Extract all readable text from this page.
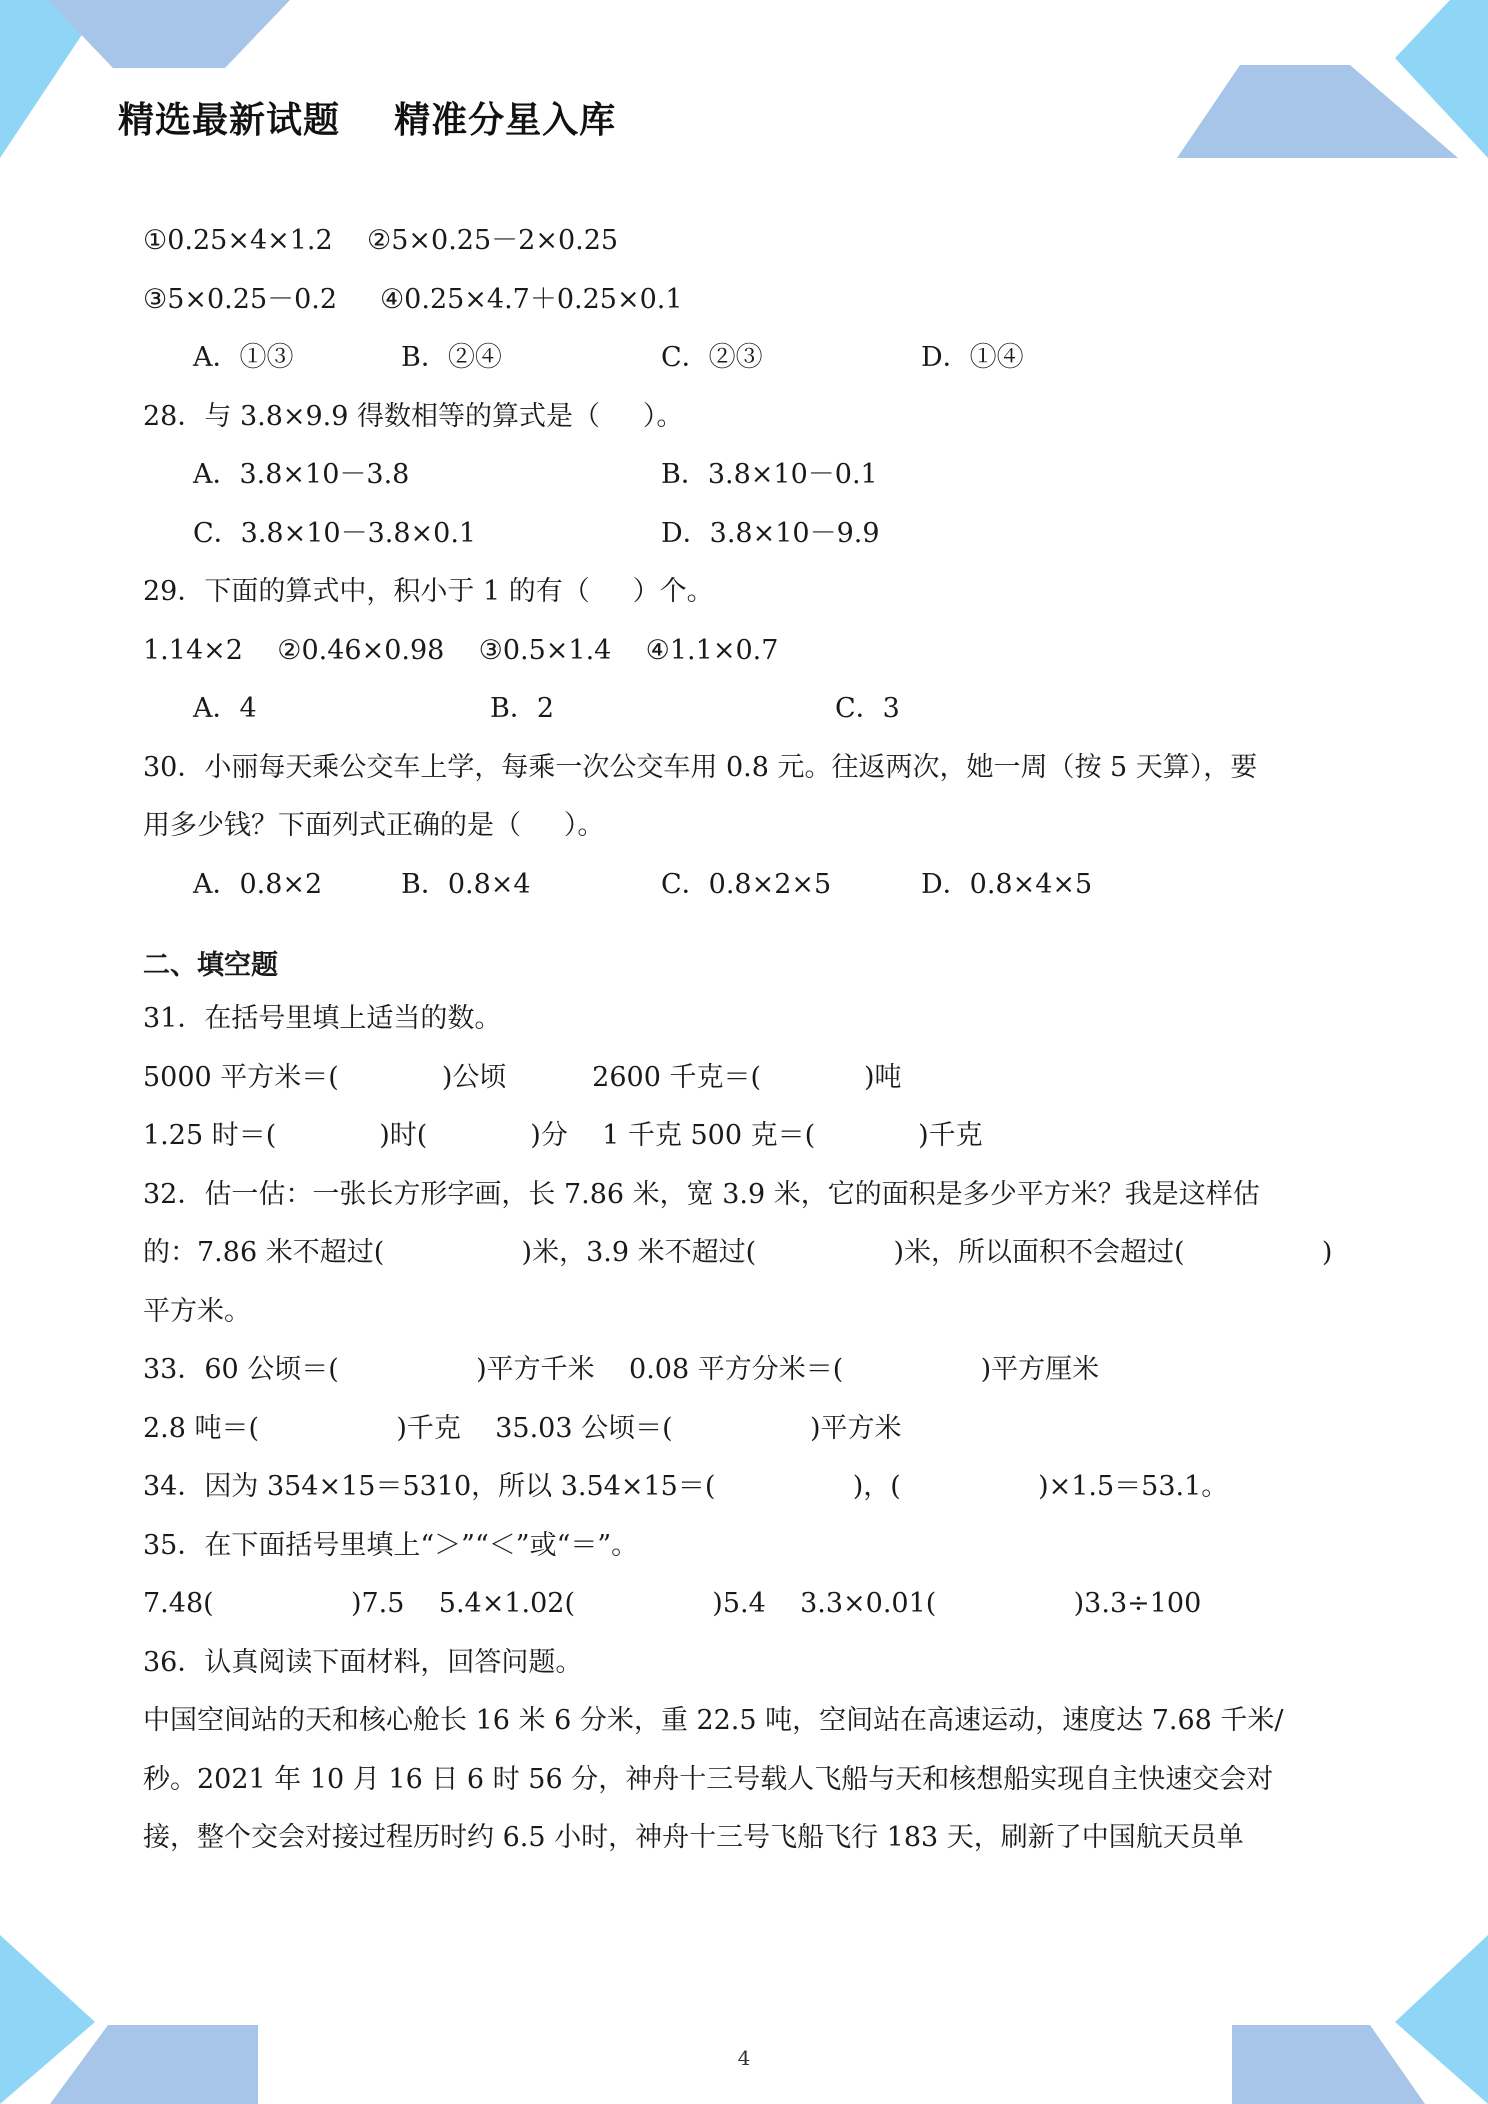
精选最新试题    精准分星入库
①0.25×4×1.2    ②5×0.25－2×0.25
③5×0.25－0.2     ④0.25×4.7＋0.25×0.1

A．①③

	B．②④

	C．②③

	D．①④

28．与 3.8×9.9 得数相等的算式是（     ）。

A．3.8×10－3.8

	B．3.8×10－0.1

C．3.8×10－3.8×0.1

	D．3.8×10－9.9

29．下面的算式中，积小于 1 的有（     ）个。
1.14×2    ②0.46×0.98    ③0.5×1.4    ④1.1×0.7

A．4

	B．2

	C．3

30．小丽每天乘公交车上学，每乘一次公交车用 0.8 元。往返两次，她一周（按 5 天算），要
用多少钱？下面列式正确的是（     ）。

A．0.8×2

	B．0.8×4

	C．0.8×2×5

	D．0.8×4×5

二、填空题
31．在括号里填上适当的数。
5000 平方米＝(            )公顷          2600 千克＝(            )吨
1.25 时＝(            )时(            )分    1 千克 500 克＝(            )千克
32．估一估：一张长方形字画，长 7.86 米，宽 3.9 米，它的面积是多少平方米？我是这样估
的：7.86 米不超过(                )米，3.9 米不超过(                )米，所以面积不会超过(                )
平方米。
33．60 公顷＝(                )平方千米    0.08 平方分米＝(                )平方厘米
2.8 吨＝(                )千克    35.03 公顷＝(                )平方米
34．因为 354×15＝5310，所以 3.54×15＝(                )，(                )×1.5＝53.1。
35．在下面括号里填上“＞”“＜”或“＝”。
7.48(                )7.5    5.4×1.02(                )5.4    3.3×0.01(                )3.3÷100
36．认真阅读下面材料，回答问题。
中国空间站的天和核心舱长 16 米 6 分米，重 22.5 吨，空间站在高速运动，速度达 7.68 千米/
秒。2021 年 10 月 16 日 6 时 56 分，神舟十三号载人飞船与天和核想船实现自主快速交会对
接，整个交会对接过程历时约 6.5 小时，神舟十三号飞船飞行 183 天，刷新了中国航天员单
4
